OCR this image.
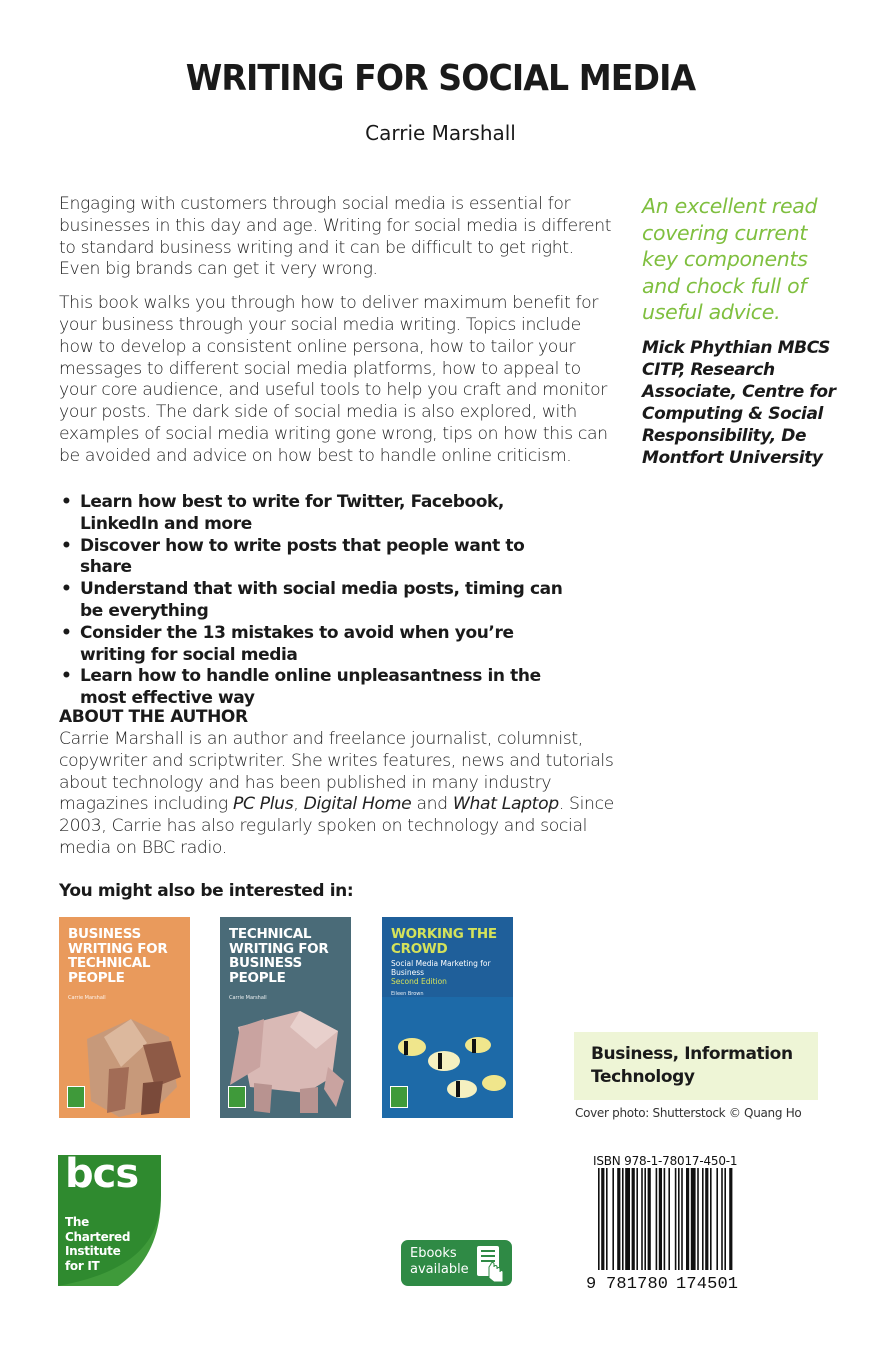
WRITING FOR SOCIAL MEDIA
Carrie Marshall

Engaging with customers through social media is essential for businesses in this day and age. Writing for social media is different to standard business writing and it can be difficult to get right. Even big brands can get it very wrong.

This book walks you through how to deliver maximum benefit for your business through your social media writing. Topics include how to develop a consistent online persona, how to tailor your messages to different social media platforms, how to appeal to your core audience, and useful tools to help you craft and monitor your posts. The dark side of social media is also explored, with examples of social media writing gone wrong, tips on how this can be avoided and advice on how best to handle online criticism.

• Learn how best to write for Twitter, Facebook, LinkedIn and more
• Discover how to write posts that people want to share
• Understand that with social media posts, timing can be everything
• Consider the 13 mistakes to avoid when you’re writing for social media
• Learn how to handle online unpleasantness in the most effective way
ABOUT THE AUTHOR
Carrie Marshall is an author and freelance journalist, columnist, copywriter and scriptwriter. She writes features, news and tutorials about technology and has been published in many industry magazines including PC Plus, Digital Home and What Laptop. Since 2003, Carrie has also regularly spoken on technology and social media on BBC radio.
You might also be interested in:
BUSINESS WRITING FOR TECHNICAL PEOPLE
Carrie Marshall
TECHNICAL WRITING FOR BUSINESS PEOPLE
Carrie Marshall
WORKING THE CROWD
Social Media Marketing for Business
Second Edition
Eileen Brown
An excellent read covering current key components and chock full of useful advice.
Mick Phythian MBCS CITP, Research Associate, Centre for Computing & Social Responsibility, De Montfort University
Business, Information Technology
Cover photo: Shutterstock © Quang Ho
ISBN 978-1-78017-450-1
9 781780 174501
bcs
The
Chartered
Institute
for IT
Ebooks
available
